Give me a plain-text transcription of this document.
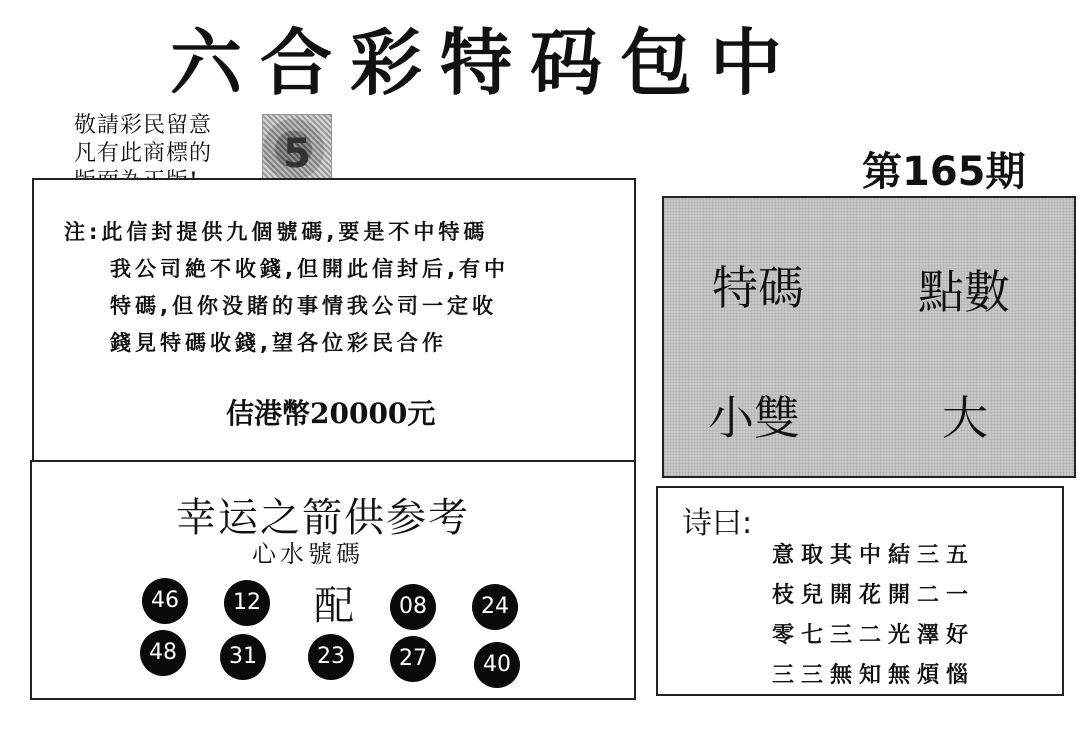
六合彩特码包中
敬請彩民留意
凡有此商標的	5	第165期
注:此信封提供九個號碼,要是不中特碼
我公司絶不收錢,但開此信封后,有中
特碼,但你没賭的事情我公司一定收
錢見特碼收錢,望各位彩民合作
佶港幣20000元
特碼 點數
小雙	大
幸运之箭供参考
心水號碼
46	12 配	08	24
48	31	23	27	40
诗曰:
意取其中結三五
枝兒開花開二一
零七三二光澤好
三三無知無煩惱
